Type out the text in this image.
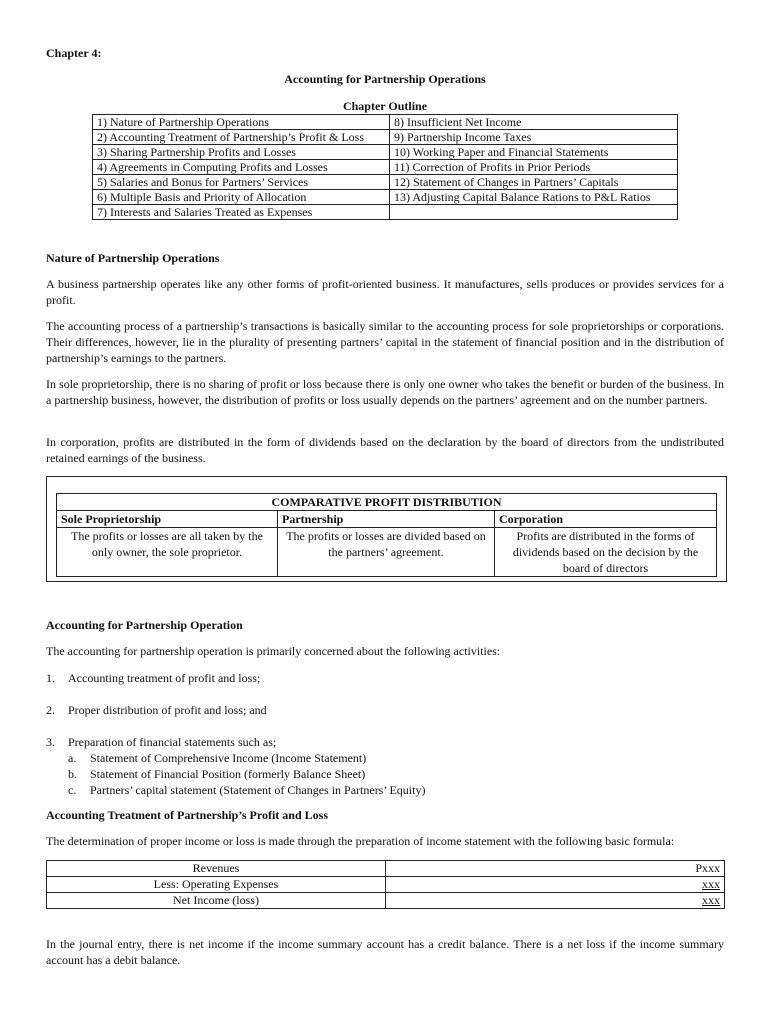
Chapter 4:
Accounting for Partnership Operations
Chapter Outline
1) Nature of Partnership Operations	8) Insufficient Net Income
2) Accounting Treatment of Partnership’s Profit & Loss	9) Partnership Income Taxes
3) Sharing Partnership Profits and Losses	10) Working Paper and Financial Statements
4) Agreements in Computing Profits and Losses	11) Correction of Profits in Prior Periods
5) Salaries and Bonus for Partners’ Services	12) Statement of Changes in Partners’ Capitals
6) Multiple Basis and Priority of Allocation	13) Adjusting Capital Balance Rations to P&L Ratios
7) Interests and Salaries Treated as Expenses	
Nature of Partnership Operations

A business partnership operates like any other forms of profit-oriented business. It manufactures, sells produces or provides services for a profit.

The accounting process of a partnership’s transactions is basically similar to the accounting process for sole proprietorships or corporations. Their differences, however, lie in the plurality of presenting partners’ capital in the statement of financial position and in the distribution of partnership’s earnings to the partners.

In sole proprietorship, there is no sharing of profit or loss because there is only one owner who takes the benefit or burden of the business. In a partnership business, however, the distribution of profits or loss usually depends on the partners’ agreement and on the number partners.

In corporation, profits are distributed in the form of dividends based on the declaration by the board of directors from the undistributed retained earnings of the business.

COMPARATIVE PROFIT DISTRIBUTION		
Sole Proprietorship	Partnership	Corporation
The profits or losses are all taken by the only owner, the sole proprietor.	The profits or losses are divided based on the partners’ agreement.	Profits are distributed in the forms of dividends based on the decision by the board of directors
Accounting for Partnership Operation
The accounting for partnership operation is primarily concerned about the following activities:
1. Accounting treatment of profit and loss;
2. Proper distribution of profit and loss; and
3. Preparation of financial statements such as;
a. Statement of Comprehensive Income (Income Statement)
b. Statement of Financial Position (formerly Balance Sheet)
c. Partners’ capital statement (Statement of Changes in Partners’ Equity)
Accounting Treatment of Partnership’s Profit and Loss
The determination of proper income or loss is made through the preparation of income statement with the following basic formula:
Revenues	Pxxx
Less: Operating Expenses	xxx
Net Income (loss)	xxx

In the journal entry, there is net income if the income summary account has a credit balance. There is a net loss if the income summary account has a debit balance.
